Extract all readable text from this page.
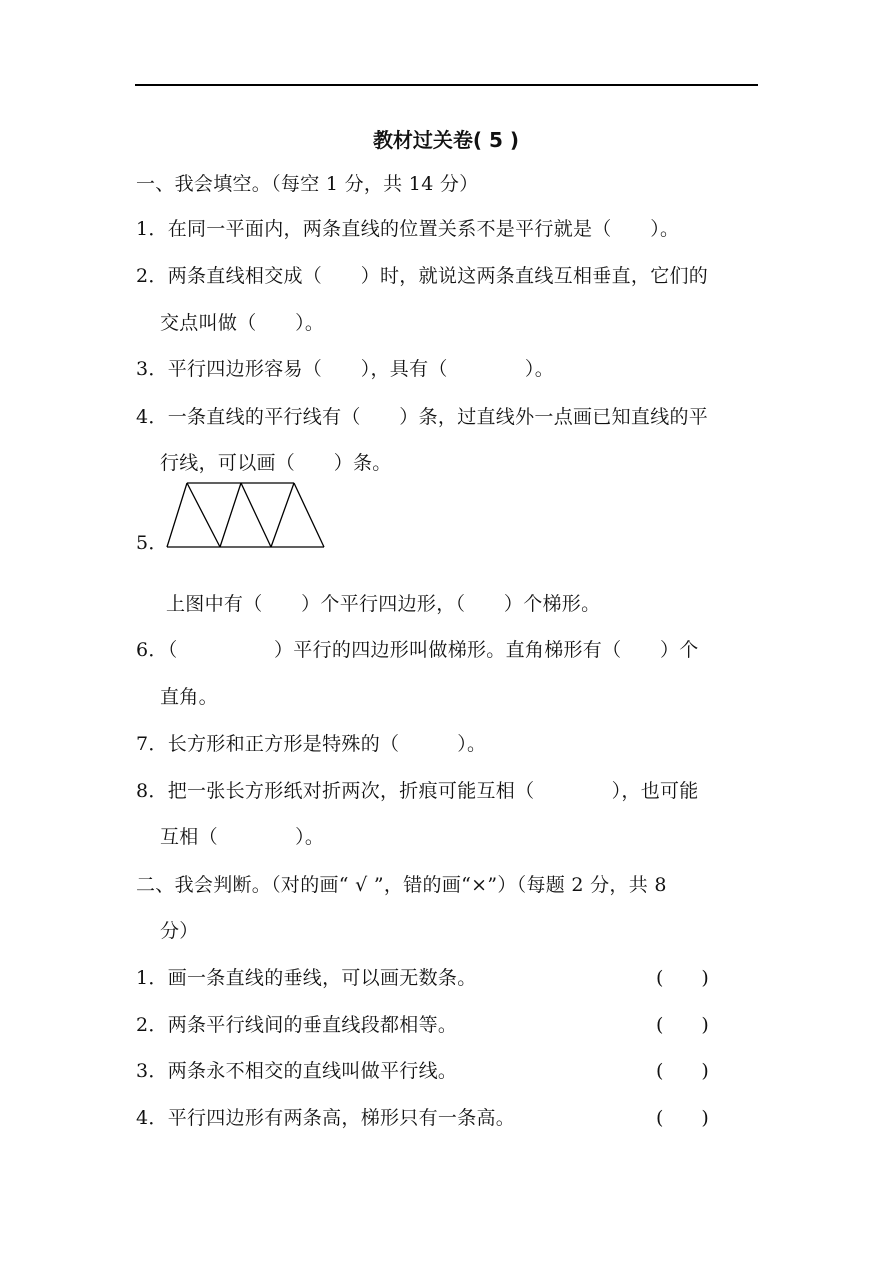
教材过关卷( 5 )
一、我会填空。（每空 1 分，共 14 分）
1．在同一平面内，两条直线的位置关系不是平行就是（　　）。
2．两条直线相交成（　　）时，就说这两条直线互相垂直，它们的
交点叫做（　　）。
3．平行四边形容易（　　），具有（　　　　）。
4．一条直线的平行线有（　　）条，过直线外一点画已知直线的平
行线，可以画（　　）条。
5．
上图中有（　　）个平行四边形，（　　）个梯形。
6．（　　　　　）平行的四边形叫做梯形。直角梯形有（　　）个
直角。
7．长方形和正方形是特殊的（　　　）。
8．把一张长方形纸对折两次，折痕可能互相（　　　　），也可能
互相（　　　　）。
二、我会判断。（对的画“ √ ”，错的画“×”）（每题 2 分，共 8
分）
1．画一条直线的垂线，可以画无数条。	(　　)
2．两条平行线间的垂直线段都相等。	(　　)
3．两条永不相交的直线叫做平行线。	(　　)
4．平行四边形有两条高，梯形只有一条高。	(　　)
